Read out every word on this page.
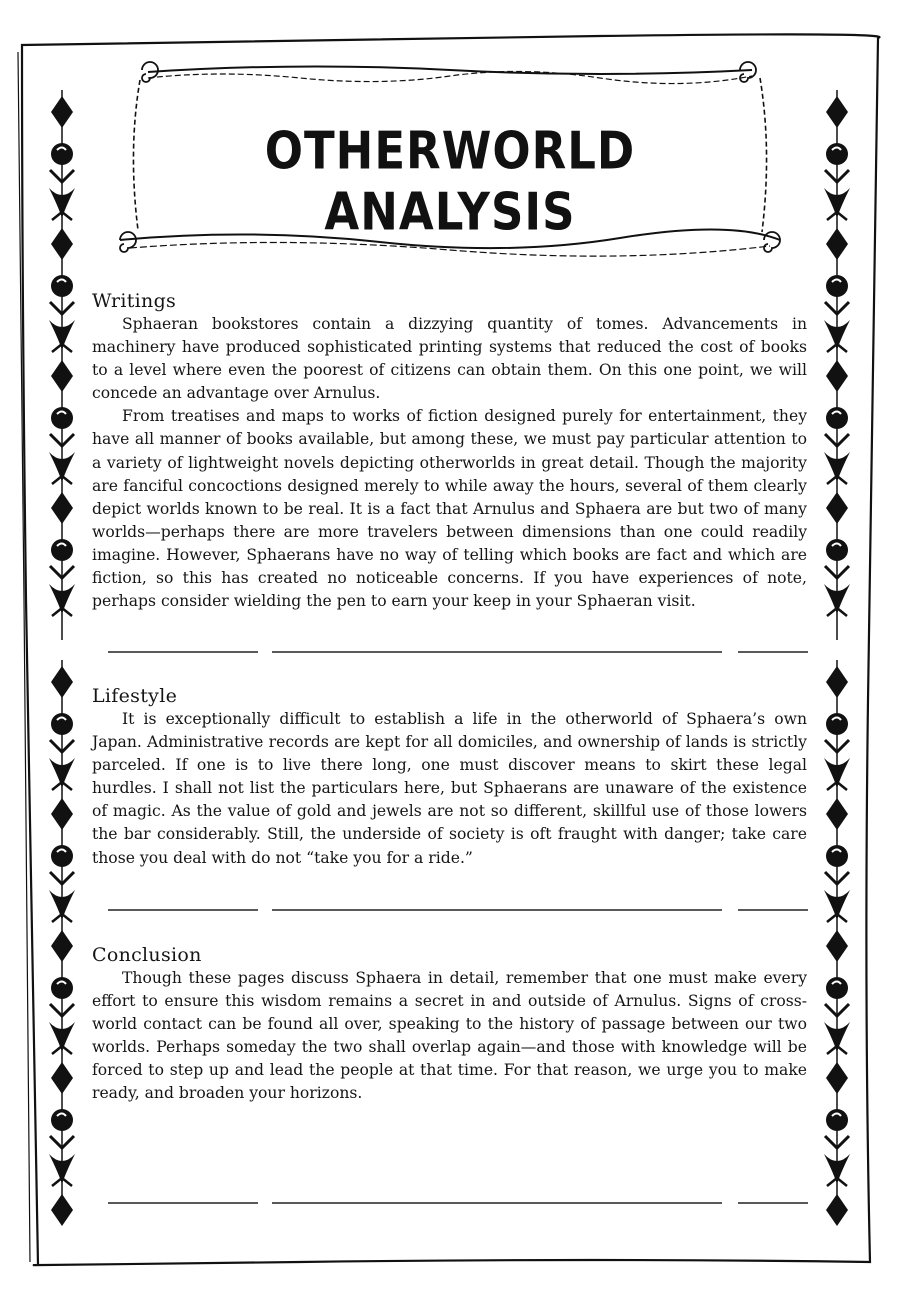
OTHERWORLD ANALYSIS
Writings

Sphaeran bookstores contain a dizzying quantity of tomes. Advancements in machinery have produced sophisticated printing systems that reduced the cost of books to a level where even the poorest of citizens can obtain them. On this one point, we will concede an advantage over Arnulus.

From treatises and maps to works of fiction designed purely for entertainment, they have all manner of books available, but among these, we must pay particular attention to a variety of lightweight novels depicting otherworlds in great detail. Though the majority are fanciful concoctions designed merely to while away the hours, several of them clearly depict worlds known to be real. It is a fact that Arnulus and Sphaera are but two of many worlds—perhaps there are more travelers between dimensions than one could readily imagine. However, Sphaerans have no way of telling which books are fact and which are fiction, so this has created no noticeable concerns. If you have experiences of note, perhaps consider wielding the pen to earn your keep in your Sphaeran visit.

Lifestyle

It is exceptionally difficult to establish a life in the otherworld of Sphaera’s own Japan. Administrative records are kept for all domiciles, and ownership of lands is strictly parceled. If one is to live there long, one must discover means to skirt these legal hurdles. I shall not list the particulars here, but Sphaerans are unaware of the existence of magic. As the value of gold and jewels are not so different, skillful use of those lowers the bar considerably. Still, the underside of society is oft fraught with danger; take care those you deal with do not “take you for a ride.”

Conclusion

Though these pages discuss Sphaera in detail, remember that one must make every effort to ensure this wisdom remains a secret in and outside of Arnulus. Signs of cross-world contact can be found all over, speaking to the history of passage between our two worlds. Perhaps someday the two shall overlap again—and those with knowledge will be forced to step up and lead the people at that time. For that reason, we urge you to make ready, and broaden your horizons.
